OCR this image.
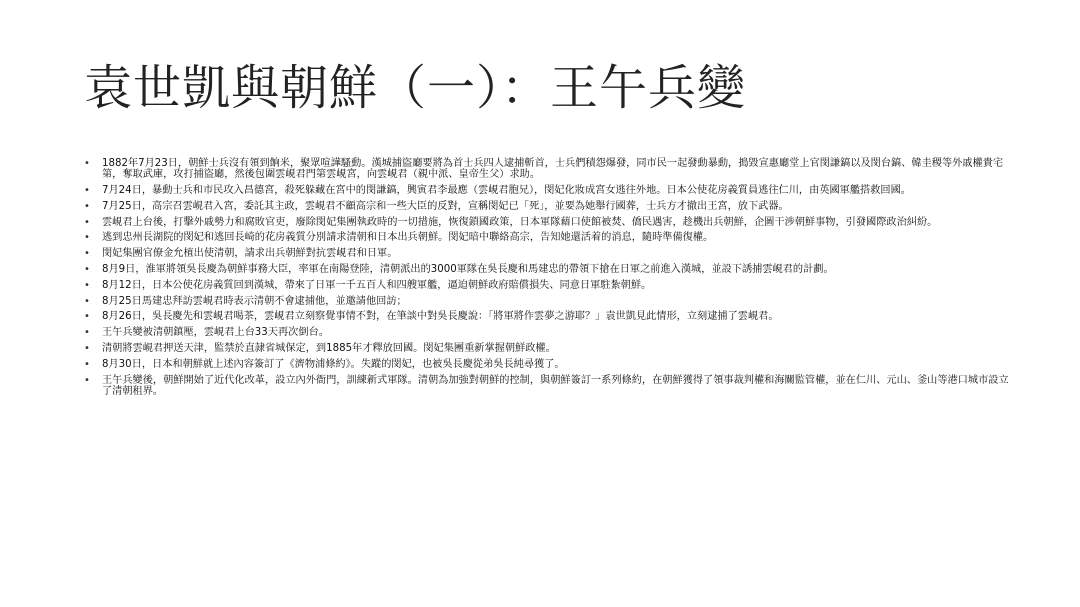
袁世凱與朝鮮（一）：王午兵變
• 1882年7月23日，朝鮮士兵沒有領到餉米，聚眾喧譁騷動。漢城捕盜廳要將為首士兵四人逮捕斬首，士兵們積怨爆發，同市民一起發動暴動，搗毀宣惠廳堂上官閔謙鎬以及閔台鎬、韓圭稷等外戚權貴宅第，奪取武庫，攻打捕盜廳，然後包圍雲峴君門第雲峴宮，向雲峴君（親中派、皇帝生父）求助。
• 7月24日，暴動士兵和市民攻入昌德宮，殺死躲藏在宮中的閔謙鎬，興寅君李最應（雲峴君胞兄），閔妃化妝成宮女逃往外地。日本公使花房義質員逃往仁川，由英國軍艦搭救回國。
• 7月25日，高宗召雲峴君入宮，委託其主政，雲峴君不顧高宗和一些大臣的反對，宣稱閔妃已「死」，並要為她舉行國葬，士兵方才撤出王宮，放下武器。
• 雲峴君上台後，打擊外戚勢力和腐敗官吏，廢除閔妃集團執政時的一切措施，恢復鎖國政策，日本軍隊藉口使館被焚、僑民遇害，趁機出兵朝鮮，企圖干涉朝鮮事物，引發國際政治糾紛。
• 逃到忠州長湖院的閔妃和逃回長崎的花房義質分別請求清朝和日本出兵朝鮮。閔妃暗中聯絡高宗，告知她還活着的消息，隨時準備復權。
• 閔妃集團官僚金允植出使清朝，請求出兵朝鮮對抗雲峴君和日軍。
• 8月9日，淮軍將領吳長慶為朝鮮事務大臣，率軍在南陽登陸，清朝派出的3000軍隊在吳長慶和馬建忠的帶領下搶在日軍之前進入漢城，並設下誘捕雲峴君的計劃。
• 8月12日，日本公使花房義質回到漢城，帶來了日軍一千五百人和四艘軍艦，逼迫朝鮮政府賠償損失、同意日軍駐紮朝鮮。
• 8月25日馬建忠拜訪雲峴君時表示清朝不會逮捕他，並邀請他回訪；
• 8月26日，吳長慶先和雲峴君喝茶，雲峴君立刻察覺事情不對，在筆談中對吳長慶說：「將軍將作雲夢之游耶？」袁世凱見此情形，立刻逮捕了雲峴君。
• 王午兵變被清朝鎮壓，雲峴君上台33天再次倒台。
• 清朝將雲峴君押送天津，監禁於直隷省城保定，到1885年才釋放回國。閔妃集團重新掌握朝鮮政權。
• 8月30日，日本和朝鮮就上述內容簽訂了《濟物浦條約》。失蹤的閔妃，也被吳長慶從弟吳長純尋獲了。
• 王午兵變後，朝鮮開始了近代化改革，設立內外衙門，訓練新式軍隊。清朝為加強對朝鮮的控制，與朝鮮簽訂一系列條約，在朝鮮獲得了領事裁判權和海關監管權，並在仁川、元山、釜山等港口城市設立了清朝租界。
